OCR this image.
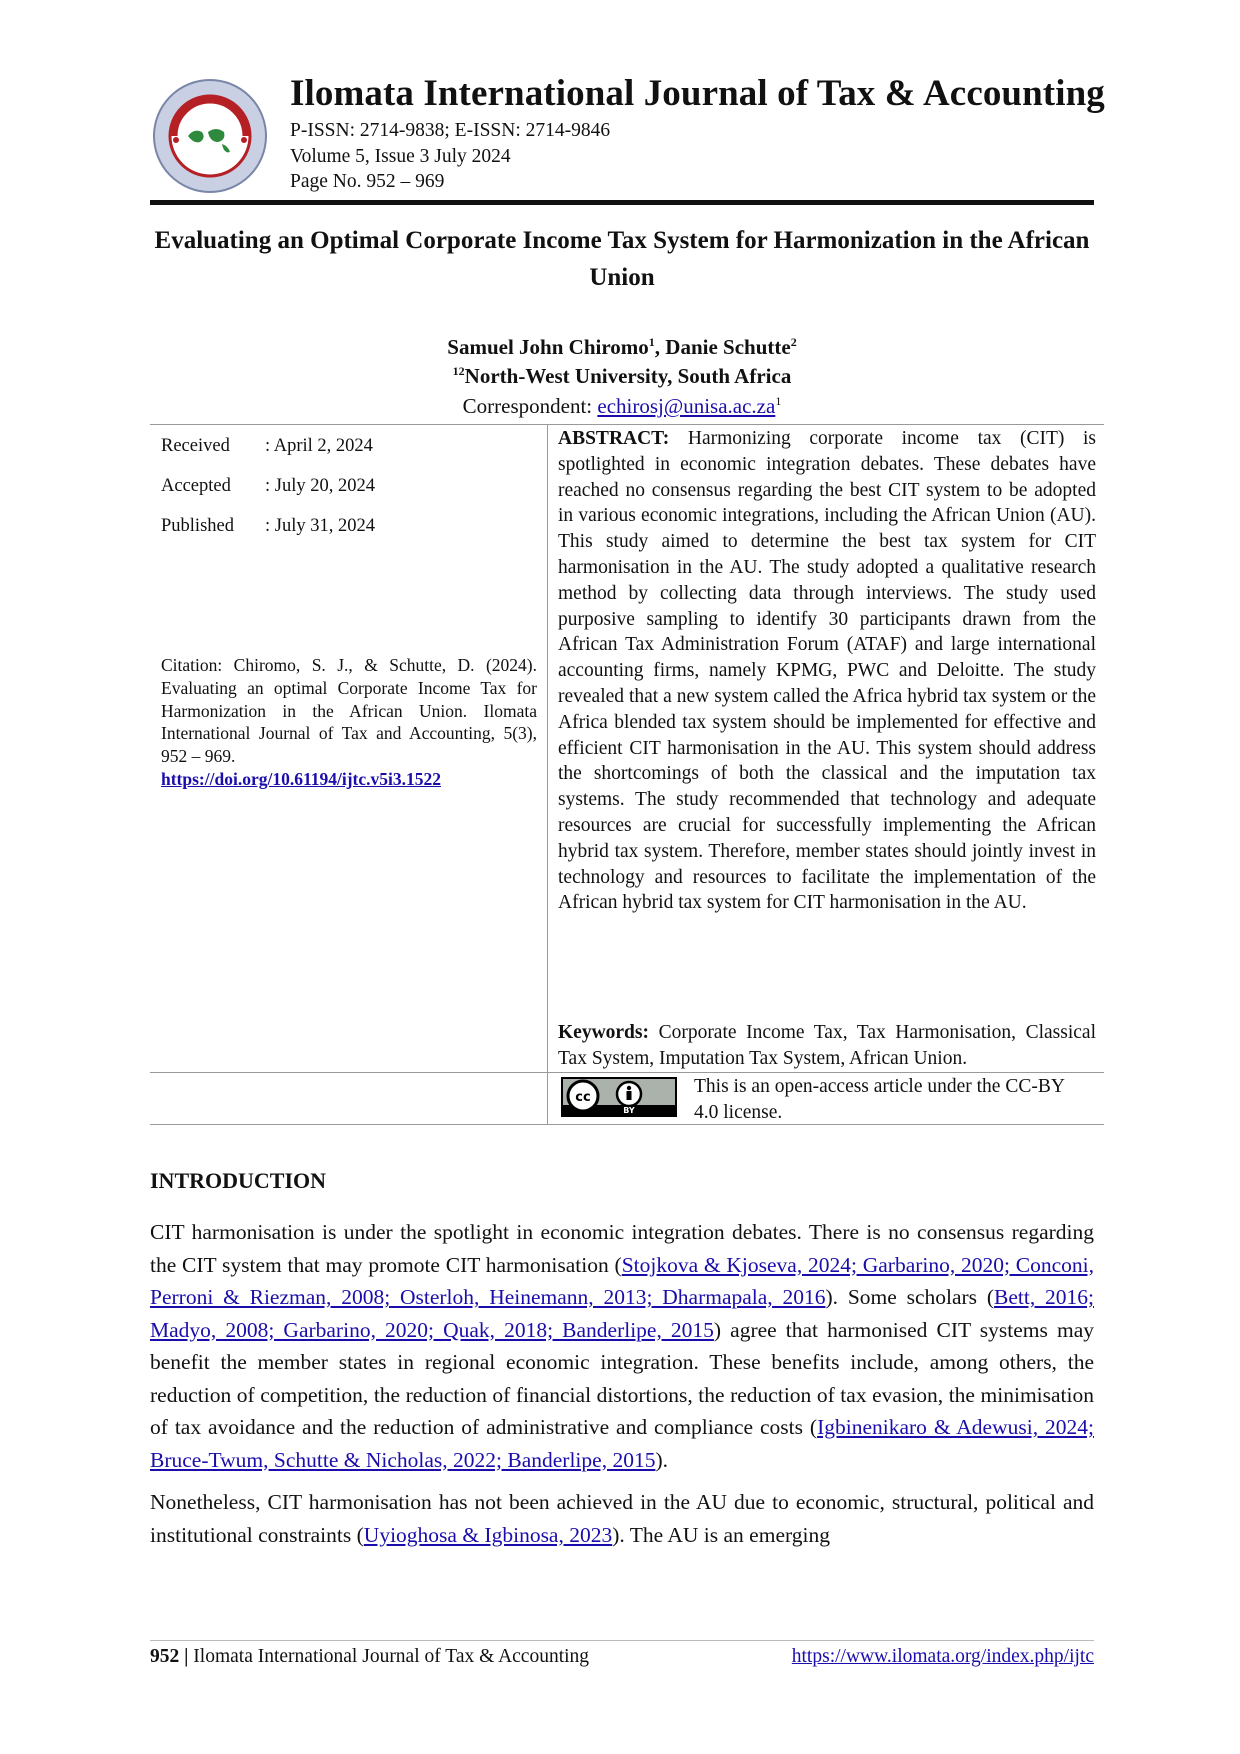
Ilomata International Journal of Tax & Accounting
P-ISSN: 2714-9838; E-ISSN: 2714-9846
Volume 5, Issue 3 July 2024
Page No. 952 – 969
Evaluating an Optimal Corporate Income Tax System for Harmonization in the African Union
Samuel John Chiromo$^1$, Danie Schutte$^2$
$^{12}$North-West University, South Africa
Correspondent: $echirosj@unisa.ac.za^1$
Received	: April 2, 2024
Accepted	: July 20, 2024
Published	: July 31, 2024
Citation: Chiromo, S. J., & Schutte, D. (2024). Evaluating an optimal Corporate Income Tax for Harmonization in the African Union. Ilomata International Journal of Tax and Accounting, 5(3), 952 – 969.
https://doi.org/10.61194/ijtc.v5i3.1522
ABSTRACT: Harmonizing corporate income tax (CIT) is spotlighted in economic integration debates. These debates have reached no consensus regarding the best CIT system to be adopted in various economic integrations, including the African Union (AU). This study aimed to determine the best tax system for CIT harmonisation in the AU. The study adopted a qualitative research method by collecting data through interviews. The study used purposive sampling to identify 30 participants drawn from the African Tax Administration Forum (ATAF) and large international accounting firms, namely KPMG, PWC and Deloitte. The study revealed that a new system called the Africa hybrid tax system or the Africa blended tax system should be implemented for effective and efficient CIT harmonisation in the AU. This system should address the shortcomings of both the classical and the imputation tax systems. The study recommended that technology and adequate resources are crucial for successfully implementing the African hybrid tax system. Therefore, member states should jointly invest in technology and resources to facilitate the implementation of the African hybrid tax system for CIT harmonisation in the AU.
Keywords: Corporate Income Tax, Tax Harmonisation, Classical Tax System, Imputation Tax System, African Union.
cc
BY
This is an open-access article under the CC-BY 4.0 license.
INTRODUCTION
CIT harmonisation is under the spotlight in economic integration debates. There is no consensus regarding the CIT system that may promote CIT harmonisation (Stojkova & Kjoseva, 2024; Garbarino, 2020; Conconi, Perroni & Riezman, 2008; Osterloh, Heinemann, 2013; Dharmapala, 2016). Some scholars (Bett, 2016; Madyo, 2008; Garbarino, 2020; Quak, 2018; Banderlipe, 2015) agree that harmonised CIT systems may benefit the member states in regional economic integration. These benefits include, among others, the reduction of competition, the reduction of financial distortions, the reduction of tax evasion, the minimisation of tax avoidance and the reduction of administrative and compliance costs (Igbinenikaro & Adewusi, 2024; Bruce-Twum, Schutte & Nicholas, 2022; Banderlipe, 2015).
Nonetheless, CIT harmonisation has not been achieved in the AU due to economic, structural, political and institutional constraints (Uyioghosa & Igbinosa, 2023). The AU is an emerging
952 | Ilomata International Journal of Tax & Accounting	https://www.ilomata.org/index.php/ijtc
